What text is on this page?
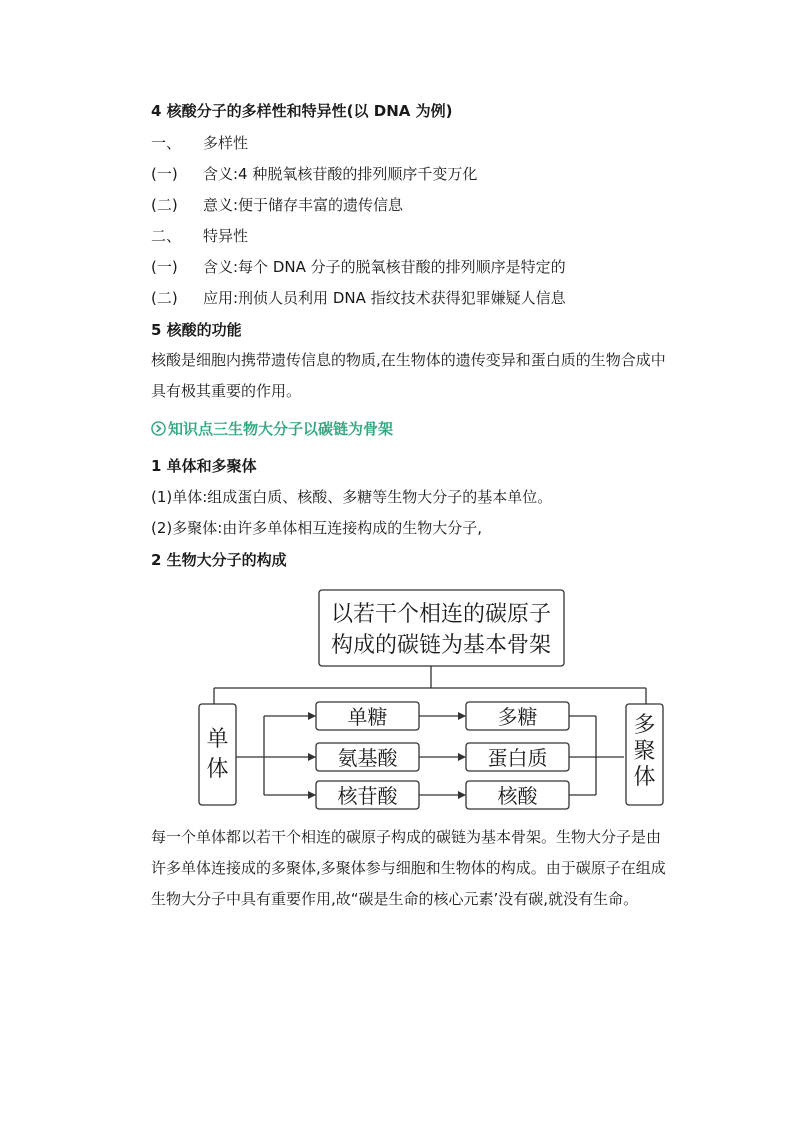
4 核酸分子的多样性和特异性(以 DNA 为例)
一、 多样性
(一) 含义:4 种脱氧核苷酸的排列顺序千变万化
(二) 意义:便于储存丰富的遗传信息
二、 特异性
(一) 含义:每个 DNA 分子的脱氧核苷酸的排列顺序是特定的
(二) 应用:刑侦人员利用 DNA 指纹技术获得犯罪嫌疑人信息
5 核酸的功能
核酸是细胞内携带遗传信息的物质,在生物体的遗传变异和蛋白质的生物合成中具有极其重要的作用。
知识点三生物大分子以碳链为骨架
1 单体和多聚体
(1)单体:组成蛋白质、核酸、多糖等生物大分子的基本单位。
(2)多聚体:由许多单体相互连接构成的生物大分子,
2 生物大分子的构成
以若干个相连的碳原子
构成的碳链为基本骨架
单
体
多
聚
体
单糖
氨基酸
核苷酸
多糖
蛋白质
核酸
每一个单体都以若干个相连的碳原子构成的碳链为基本骨架。生物大分子是由许多单体连接成的多聚体,多聚体参与细胞和生物体的构成。由于碳原子在组成生物大分子中具有重要作用,故“碳是生命的核心元素’没有碳,就没有生命。
